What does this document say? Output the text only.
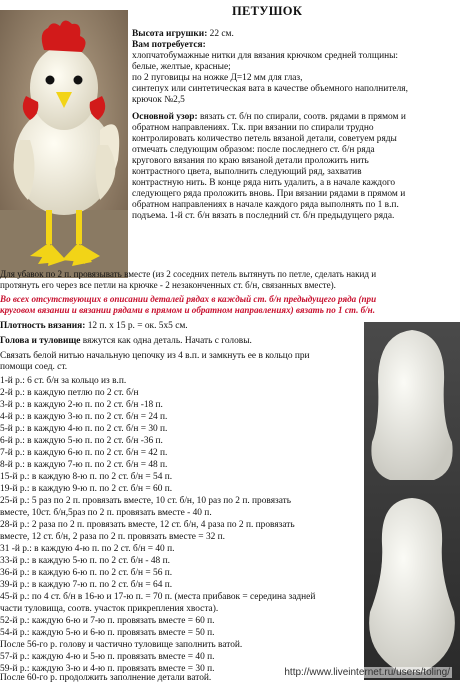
ПЕТУШОК
Высота игрушки: 22 см.
Вам потребуется:
хлопчатобумажные нитки для вязания крючком средней толщины:
белые, желтые, красные;
по 2 пуговицы на ножке Д=12 мм для глаз,
синтепух или синтетическая вата в качестве объемного наполнителя,
крючок №2,5
Основной узор: вязать ст. б/н по спирали, соотв. рядами в прямом и
обратном направлениях. Т.к. при вязании по спирали трудно
контролировать количество петель вязаной детали, советуем ряды
отмечать следующим образом: после последнего ст. б/н ряда
кругового вязания по краю вязаной детали проложить нить
контрастного цвета, выполнить следующий ряд, захватив
контрастную нить. В конце ряда нить удалить, а в начале каждого
следующего ряда проложить вновь. При вязании рядами в прямом и
обратном направлениях в начале каждого ряда выполнять по 1 в.п.
подъема. 1-й ст. б/н вязать в последний ст. б/н предыдущего ряда.
Для убавок по 2 п. провязывать вместе (из 2 соседних петель вытянуть по петле, сделать накид и
протянуть его через все петли на крючке - 2 незаконченных ст. б/н, связанных вместе).
Во всех отсутствующих в описании деталей рядах в каждый ст. б/н предыдущего ряда (при
круговом вязании и вязании рядами в прямом и обратном направлениях) вязать по 1 ст. б/н.
Плотность вязания: 12 п. х 15 р. = ок. 5х5 см.
Голова и туловище вяжутся как одна деталь. Начать с головы.
Связать белой нитью начальную цепочку из 4 в.п. и замкнуть ее в кольцо при
помощи соед. ст.
1-й р.: 6 ст. б/н за кольцо из в.п.
2-й р.: в каждую петлю по 2 ст. б/н
3-й р.: в каждую 2-ю п. по 2 ст. б/н -18 п.
4-й р.: в каждую 3-ю п. по 2 ст. б/н = 24 п.
5-й р.: в каждую 4-ю п. по 2 ст. б/н = 30 п.
6-й р.: в каждую 5-ю п. по 2 ст. б/н -36 п.
7-й р.: в каждую 6-ю п. по 2 ст. б/н = 42 п.
8-й р.: в каждую 7-ю п. по 2 ст. б/н = 48 п.
15-й р.: в каждую 8-ю п. по 2 ст. б/н = 54 п.
19-й р.: в каждую 9-ю п. по 2 ст. б/н = 60 п.
25-й р.: 5 раз по 2 п. провязать вместе, 10 ст. б/н, 10 раз по 2 п. провязать
вместе, 10ст. б/н,5раз по 2 п. провязать вместе - 40 п.
28-й р.: 2 раза по 2 п. провязать вместе, 12 ст. б/н, 4 раза по 2 п. провязать
вместе, 12 ст. б/н, 2 раза по 2 п. провязать вместе = 32 п.
31 -й р.: в каждую 4-ю п. по 2 ст. б/н = 40 п.
33-й р.: в каждую 5-ю п. по 2 ст. б/н - 48 п.
36-й р.: в каждую 6-ю п. по 2 ст. б/н = 56 п.
39-й р.: в каждую 7-ю п. по 2 ст. б/н = 64 п.
45-й р.: по 4 ст. б/н в 16-ю и 17-ю п. = 70 п. (места прибавок = середина задней
части туловища, соотв. участок прикрепления хвоста).
52-й р.: каждую 6-ю и 7-ю п. провязать вместе = 60 п.
54-й р.: каждую 5-ю и 6-ю п. провязать вместе = 50 п.
После 56-го р. голову и частично туловище заполнить ватой.
57-й р.: каждую 4-ю и 5-ю п. провязать вместе = 40 п.
59-й р.: каждую 3-ю и 4-ю п. провязать вместе = 30 п.
После 60-го р. продолжить заполнение детали ватой.	http://www.liveinternet.ru/users/toling/
